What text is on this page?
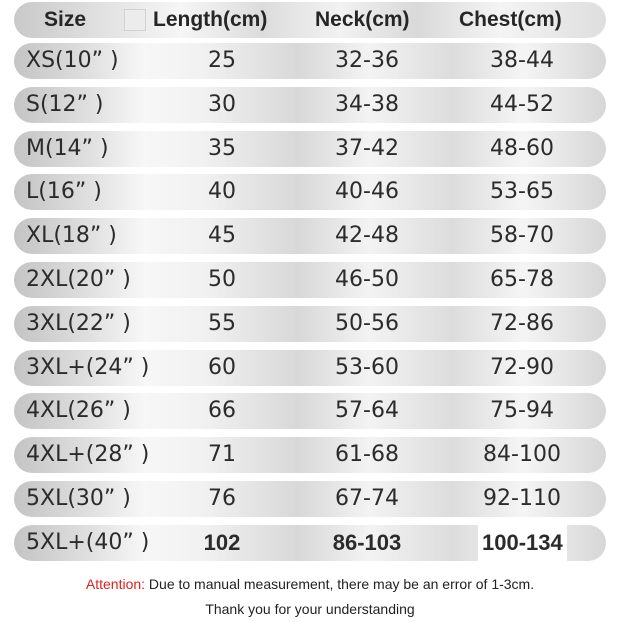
Size	Length(cm) Neck(cm) Chest(cm)
XS(10” )	25	32-36	38-44
S(12” )	30	34-38	44-52
M(14” )	35	37-42	48-60
L(16” )	40	40-46	53-65
XL(18” )	45	42-48	58-70
2XL(20” )	50	46-50	65-78
3XL(22” )	55	50-56	72-86
3XL+(24” )	60	53-60	72-90
4XL(26” )	66	57-64	75-94
4XL+(28” )	71	61-68	84-100
5XL(30” )	76	67-74	92-110
5XL+(40” )	102	86-103	100-134
Attention: Due to manual measurement, there may be an error of 1-3cm.
Thank you for your understanding
